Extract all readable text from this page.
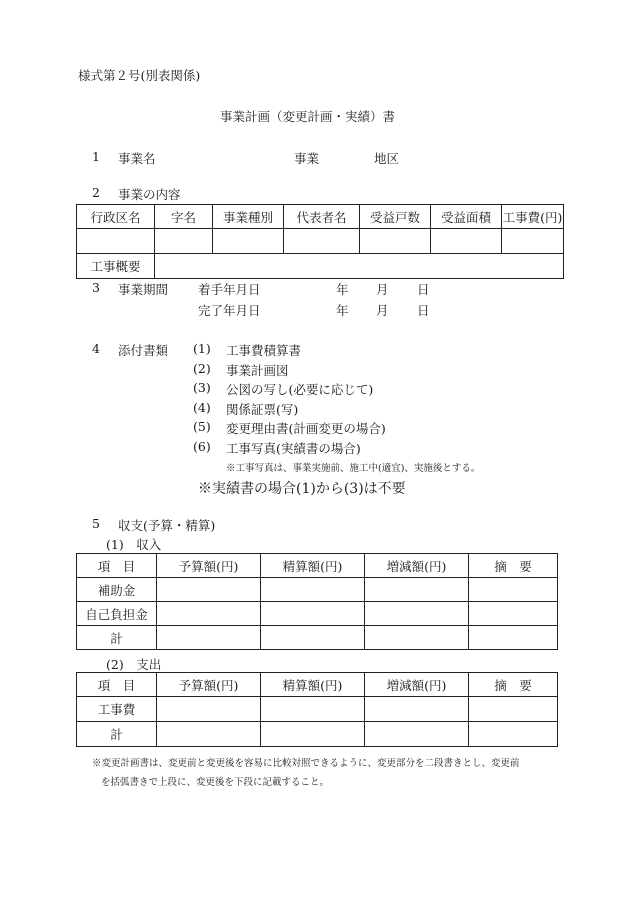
様式第２号(別表関係)
事業計画（変更計画・実績）書
1 事業名	事業	地区
2 事業の内容
行政区名	字名	事業種別	代表者名	受益戸数	受益面積	工事費(円)

工事概要						
3 事業期間 着手年月日	年 月 日
完了年月日	年 月 日
4 添付書類 (1) 工事費積算書
(2) 事業計画図
(3) 公図の写し(必要に応じて)
(4) 関係証票(写)
(5) 変更理由書(計画変更の場合)
(6) 工事写真(実績書の場合)
※工事写真は、事業実施前、施工中(適宜)、実施後とする。
※実績書の場合(1)から(3)は不要
5 収支(予算・精算)
(1)　収入
項　目	予算額(円)	精算額(円)	増減額(円)	摘　要
補助金				
自己負担金				
計				
(2)　支出
項　目	予算額(円)	精算額(円)	増減額(円)	摘　要
工事費				
計				
※変更計画書は、変更前と変更後を容易に比較対照できるように、変更部分を二段書きとし、変更前
を括弧書きで上段に、変更後を下段に記載すること。
